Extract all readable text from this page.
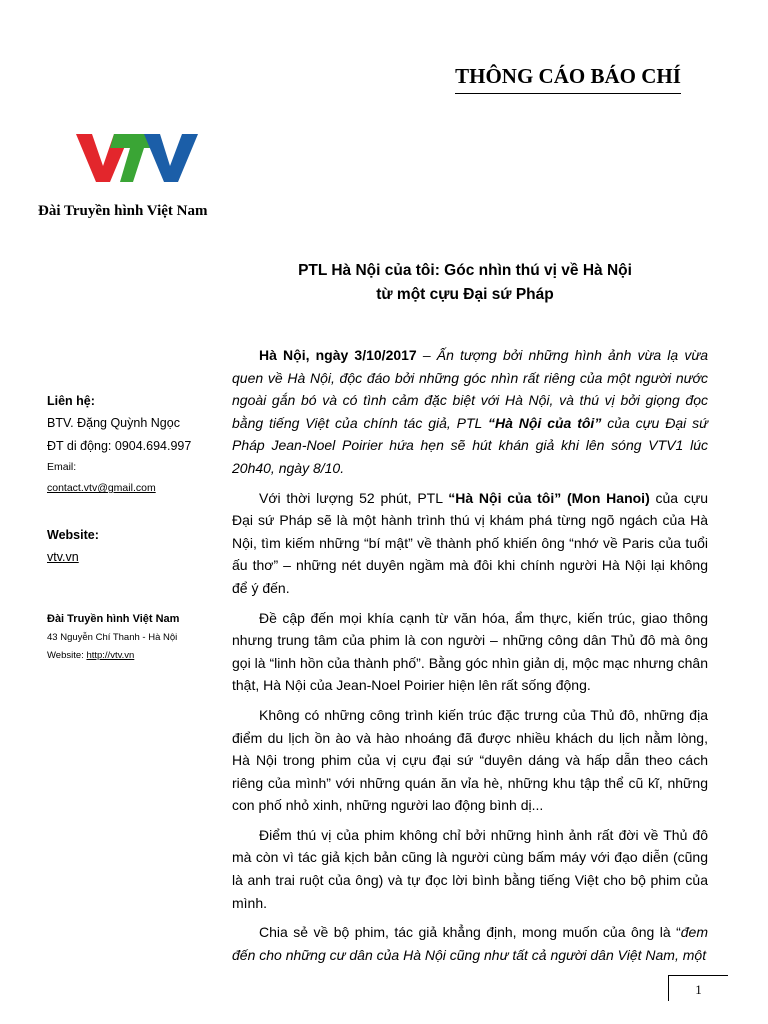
THÔNG CÁO BÁO CHÍ
Đài Truyền hình Việt Nam
PTL Hà Nội của tôi: Góc nhìn thú vị về Hà Nội
từ một cựu Đại sứ Pháp
Liên hệ:
BTV. Đặng Quỳnh Ngọc
ĐT di động: 0904.694.997
Email:
contact.vtv@gmail.com
Website:
vtv.vn
Đài Truyền hình Việt Nam
43 Nguyễn Chí Thanh - Hà Nội
Website: http://vtv.vn

Hà Nội, ngày 3/10/2017 – Ấn tượng bởi những hình ảnh vừa lạ vừa quen về Hà Nội, độc đáo bởi những góc nhìn rất riêng của một người nước ngoài gắn bó và có tình cảm đặc biệt với Hà Nội, và thú vị bởi giọng đọc bằng tiếng Việt của chính tác giả, PTL “Hà Nội của tôi” của cựu Đại sứ Pháp Jean-Noel Poirier hứa hẹn sẽ hút khán giả khi lên sóng VTV1 lúc 20h40, ngày 8/10.

Với thời lượng 52 phút, PTL “Hà Nội của tôi” (Mon Hanoi) của cựu Đại sứ Pháp sẽ là một hành trình thú vị khám phá từng ngõ ngách của Hà Nội, tìm kiếm những “bí mật” về thành phố khiến ông “nhớ về Paris của tuổi ấu thơ” – những nét duyên ngầm mà đôi khi chính người Hà Nội lại không để ý đến.

Đề cập đến mọi khía cạnh từ văn hóa, ẩm thực, kiến trúc, giao thông nhưng trung tâm của phim là con người – những công dân Thủ đô mà ông gọi là “linh hồn của thành phố”. Bằng góc nhìn giản dị, mộc mạc nhưng chân thật, Hà Nội của Jean-Noel Poirier hiện lên rất sống động.

Không có những công trình kiến trúc đặc trưng của Thủ đô, những địa điểm du lịch ồn ào và hào nhoáng đã được nhiều khách du lịch nằm lòng, Hà Nội trong phim của vị cựu đại sứ “duyên dáng và hấp dẫn theo cách riêng của mình” với những quán ăn vỉa hè, những khu tập thể cũ kĩ, những con phố nhỏ xinh, những người lao động bình dị...

Điểm thú vị của phim không chỉ bởi những hình ảnh rất đời về Thủ đô mà còn vì tác giả kịch bản cũng là người cùng bấm máy với đạo diễn (cũng là anh trai ruột của ông) và tự đọc lời bình bằng tiếng Việt cho bộ phim của mình.

Chia sẻ về bộ phim, tác giả khẳng định, mong muốn của ông là “đem đến cho những cư dân của Hà Nội cũng như tất cả người dân Việt Nam, một

1
